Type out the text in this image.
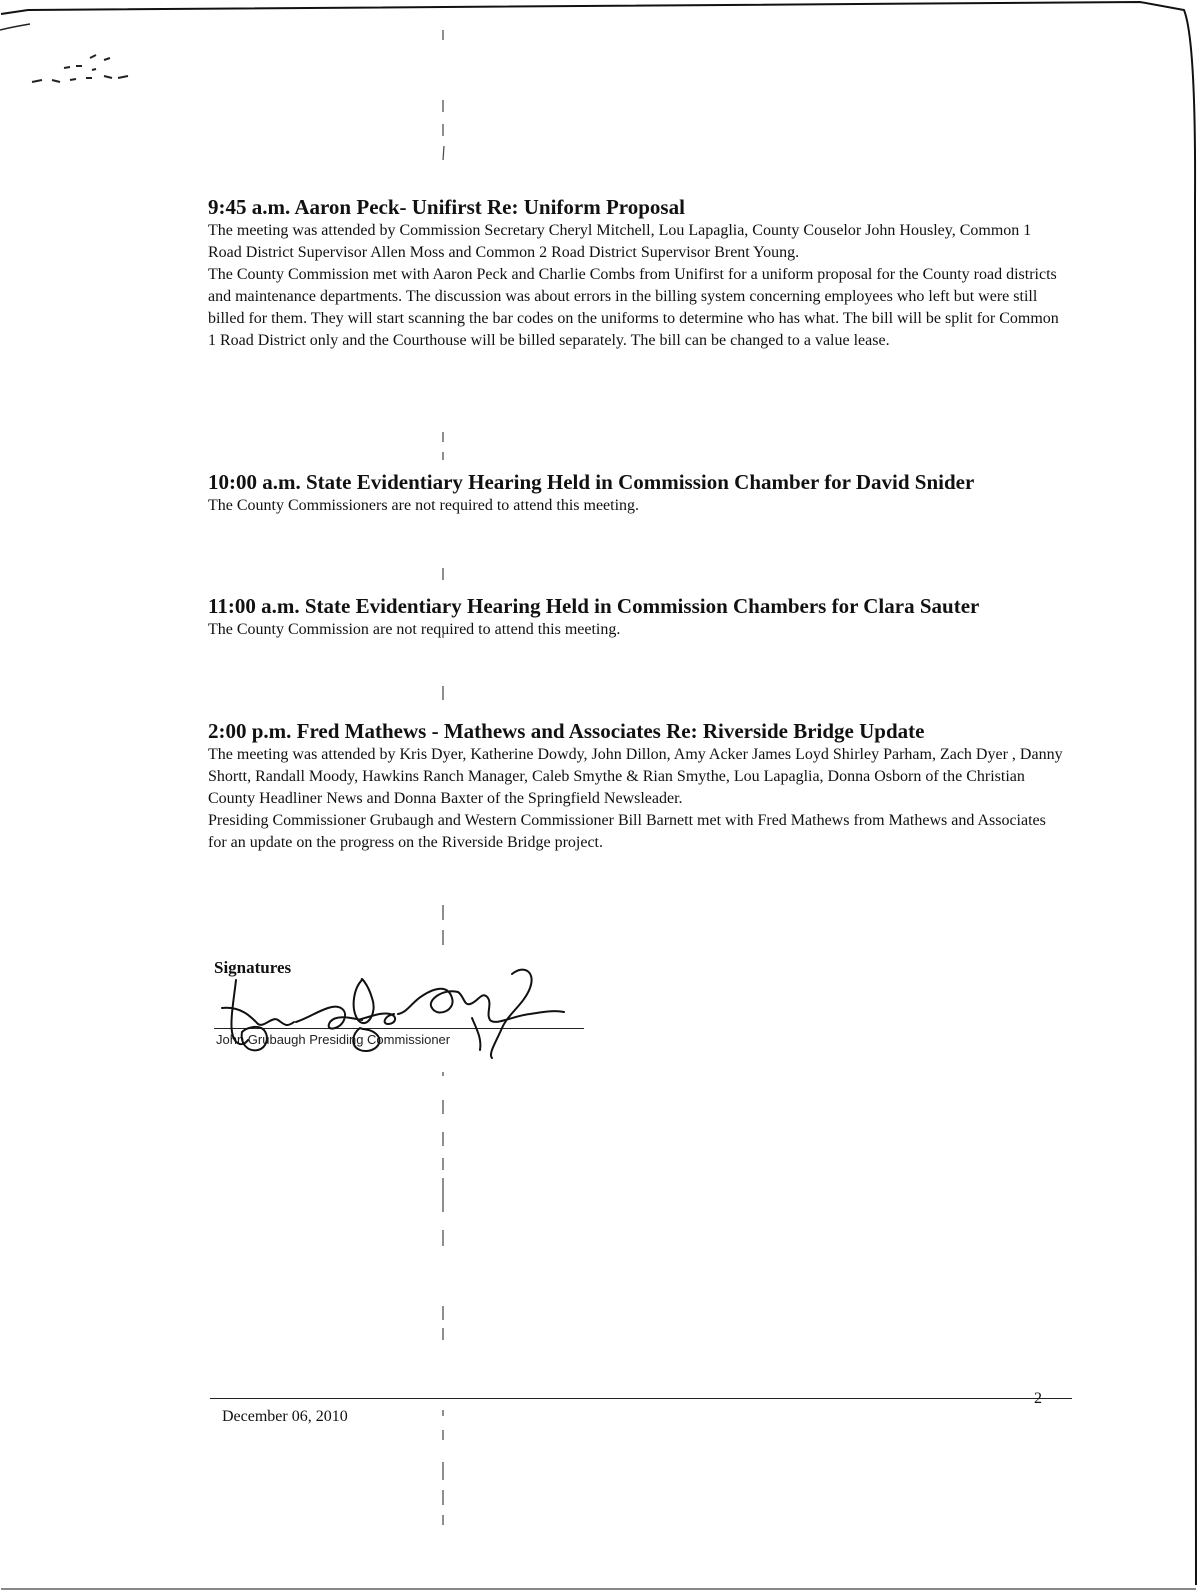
9:45 a.m. Aaron Peck- Unifirst Re: Uniform Proposal

The meeting was attended by Commission Secretary Cheryl Mitchell, Lou Lapaglia, County Couselor John Housley, Common 1 Road District Supervisor Allen Moss and Common 2 Road District Supervisor Brent Young.

The County Commission met with Aaron Peck and Charlie Combs from Unifirst for a uniform proposal for the County road districts and maintenance departments. The discussion was about errors in the billing system concerning employees who left but were still billed for them. They will start scanning the bar codes on the uniforms to determine who has what. The bill will be split for Common 1 Road District only and the Courthouse will be billed separately. The bill can be changed to a value lease.

10:00 a.m. State Evidentiary Hearing Held in Commission Chamber for David Snider

The County Commissioners are not required to attend this meeting.

11:00 a.m. State Evidentiary Hearing Held in Commission Chambers for Clara Sauter

The County Commission are not required to attend this meeting.

2:00 p.m. Fred Mathews - Mathews and Associates Re: Riverside Bridge Update

The meeting was attended by Kris Dyer, Katherine Dowdy, John Dillon, Amy Acker James Loyd Shirley Parham, Zach Dyer , Danny Shortt, Randall Moody, Hawkins Ranch Manager, Caleb Smythe & Rian Smythe, Lou Lapaglia, Donna Osborn of the Christian County Headliner News and Donna Baxter of the Springfield Newsleader.

Presiding Commissioner Grubaugh and Western Commissioner Bill Barnett met with Fred Mathews from Mathews and Associates for an update on the progress on the Riverside Bridge project.

Signatures
John Grubaugh Presiding Commissioner
December 06, 2010
2
